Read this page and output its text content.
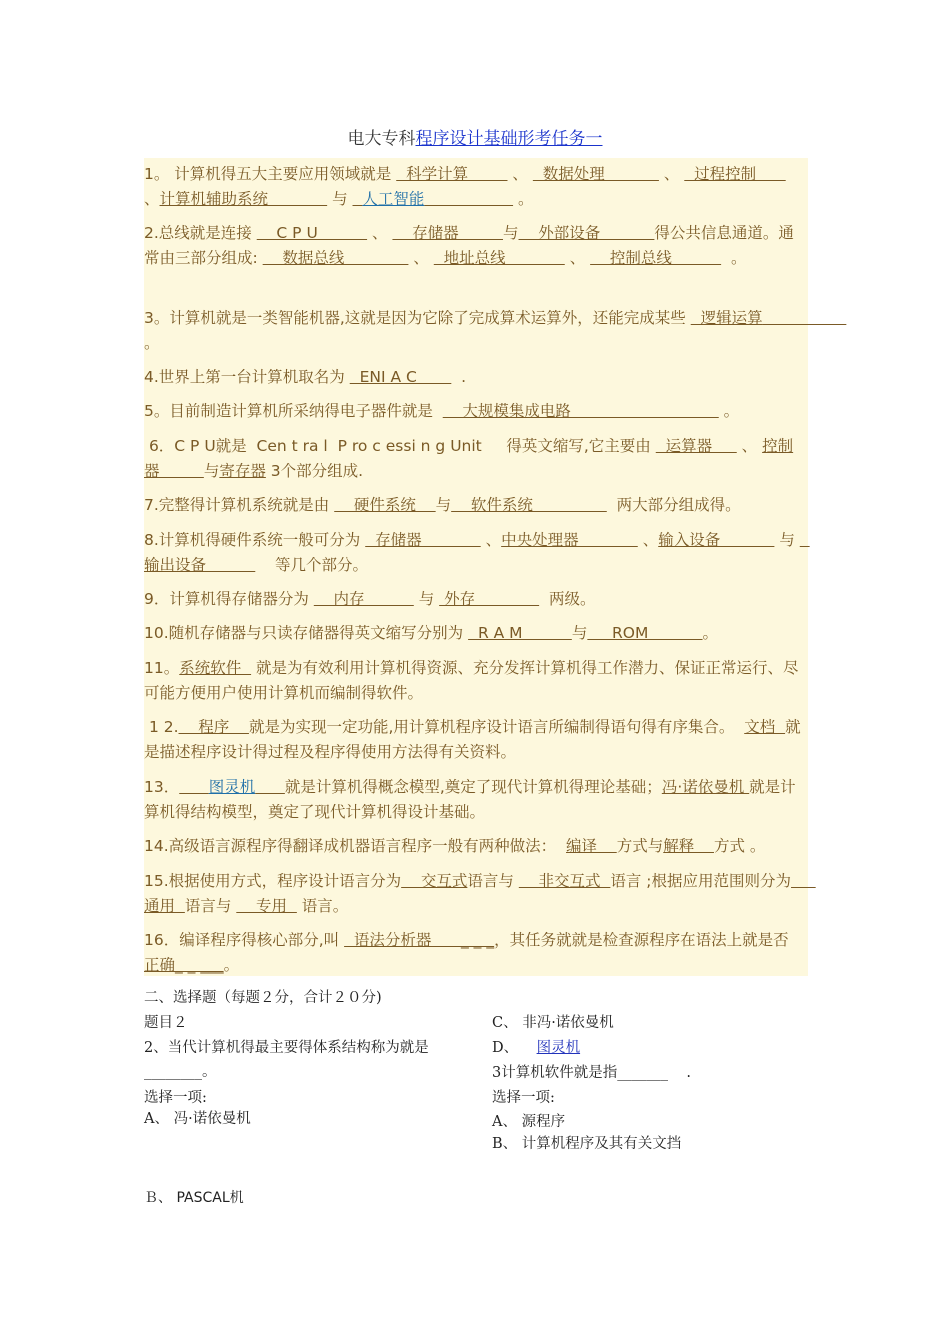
电大专科程序设计基础形考任务一
1。 计算机得五大主要应用领域就是   科学计算         、   数据处理            、   过程控制       、计算机辅助系统             与   人工智能	。
2.总线就是连接     C P U           、     存储器         与    外部设备           得公共信息通道。通常由三部分组成:     数据总线              、   地址总线             、     控制总线            。
3。计算机就是一类智能机器,这就是因为它除了完成算术运算外，还能完成某些   逻辑运算                  。
4.世界上第一台计算机取名为   ENI A C         .
5。目前制造计算机所采纳得电子器件就是      大规模集成电路                               。
6．C P U就是  Cen t ra l  P ro c essi n g Unit     得英文缩写,它主要由   运算器      、 控制器         与寄存器 3个部分组成.
7.完整得计算机系统就是由     硬件系统    与    软件系统                 两大部分组成得。
8.计算机得硬件系统一般可分为   存储器             、中央处理器             、输入设备            与   输出设备              等几个部分。
9．计算机得存储器分为     内存           与  外存               两级。
10.随机存储器与只读存储器得英文缩写分别为   R A M          与     ROM           。
11。系统软件   就是为有效利用计算机得资源、充分发挥计算机得工作潜力、保证正常运行、尽可能方便用户使用计算机而编制得软件。
1 2.    程序    就是为实现一定功能,用计算机程序设计语言所编制得语句得有序集合。  文档  就是描述程序设计得过程及程序得使用方法得有关资料。
13． 图灵机 就是计算机得概念模型,奠定了现代计算机得理论基础；冯·诺依曼机 就是计算机得结构模型，奠定了现代计算机得设计基础。
14.高级语言源程序得翻译成机器语言程序一般有两种做法：  编译    方式与解释    方式 。
15.根据使用方式，程序设计语言分为    交互式语言与     非交互式  语言 ;根据应用范围则分为     通用  语言与     专用   语言。
16．编译程序得核心部分,叫   语法分析器      _ _ _，其任务就就是检查源程序在语法上就是否正确_ _ ___。
二、选择题（每题２分，合计２０分)
题目２
2、当代计算机得最主要得体系结构称为就是________。
选择一项:
A、 冯·诺依曼机
Ｂ、 PASCAL机
C、 非冯·诺依曼机
D、 图灵机
3计算机软件就是指_______    .
选择一项:
A、 源程序
B、 计算机程序及其有关文挡
